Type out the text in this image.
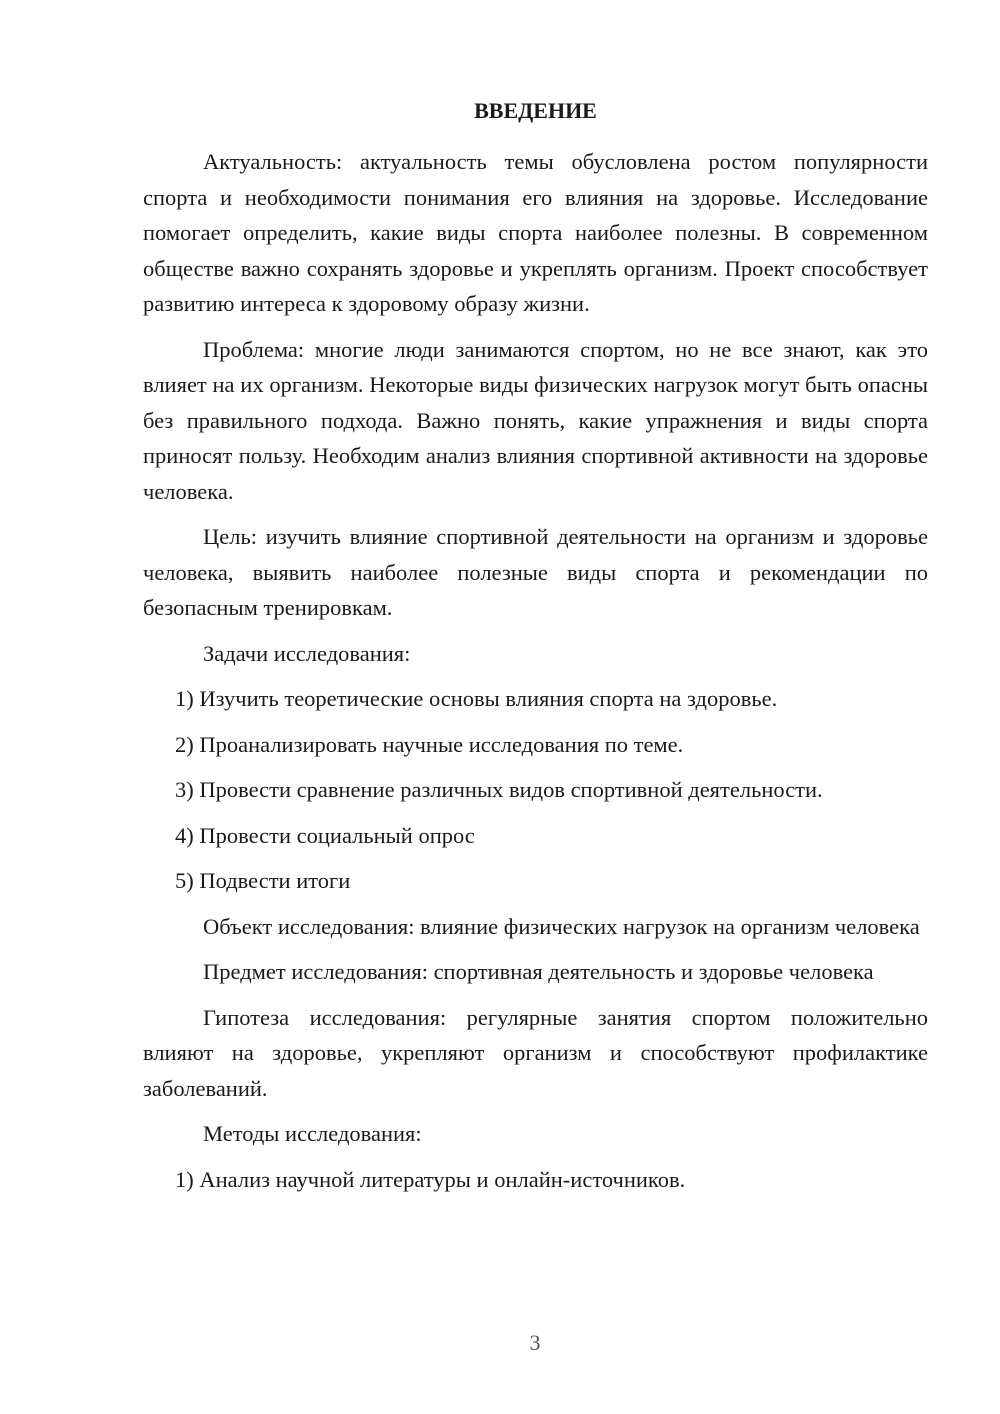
ВВЕДЕНИЕ

Актуальность: актуальность темы обусловлена ростом популярности спорта и необходимости понимания его влияния на здоровье. Исследование помогает определить, какие виды спорта наиболее полезны. В современном обществе важно сохранять здоровье и укреплять организм. Проект способствует развитию интереса к здоровому образу жизни.

Проблема: многие люди занимаются спортом, но не все знают, как это влияет на их организм. Некоторые виды физических нагрузок могут быть опасны без правильного подхода. Важно понять, какие упражнения и виды спорта приносят пользу. Необходим анализ влияния спортивной активности на здоровье человека.

Цель: изучить влияние спортивной деятельности на организм и здоровье человека, выявить наиболее полезные виды спорта и рекомендации по безопасным тренировкам.

Задачи исследования:

1) Изучить теоретические основы влияния спорта на здоровье.

2) Проанализировать научные исследования по теме.

3) Провести сравнение различных видов спортивной деятельности.

4) Провести социальный опрос

5) Подвести итоги

Объект исследования: влияние физических нагрузок на организм человека

Предмет исследования: спортивная деятельность и здоровье человека

Гипотеза исследования: регулярные занятия спортом положительно влияют на здоровье, укрепляют организм и способствуют профилактике заболеваний.

Методы исследования:

1) Анализ научной литературы и онлайн-источников.

3
